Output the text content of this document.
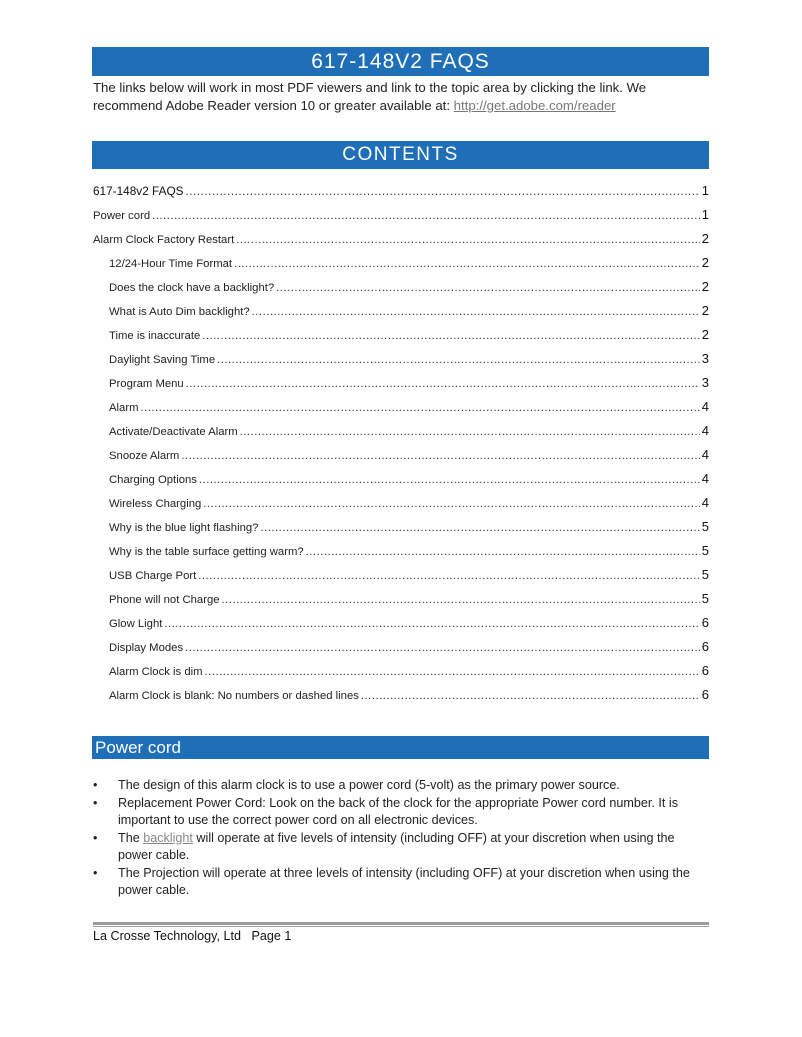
617-148V2 FAQS
The links below will work in most PDF viewers and link to the topic area by clicking the link. We recommend Adobe Reader version 10 or greater available at: http://get.adobe.com/reader
CONTENTS
617-148v2 FAQS .....	1
Power cord .....	1
Alarm Clock Factory Restart .....	2
12/24-Hour Time Format .....	2
Does the clock have a backlight? .....	2
What is Auto Dim backlight? .....	2
Time is inaccurate .....	2
Daylight Saving Time .....	3
Program Menu .....	3
Alarm .....	4
Activate/Deactivate Alarm .....	4
Snooze Alarm .....	4
Charging Options .....	4
Wireless Charging .....	4
Why is the blue light flashing? .....	5
Why is the table surface getting warm? .....	5
USB Charge Port .....	5
Phone will not Charge .....	5
Glow Light .....	6
Display Modes .....	6
Alarm Clock is dim .....	6
Alarm Clock is blank: No numbers or dashed lines .....	6
Power cord
• The design of this alarm clock is to use a power cord (5-volt) as the primary power source.
• Replacement Power Cord: Look on the back of the clock for the appropriate Power cord number. It is important to use the correct power cord on all electronic devices.
• The backlight will operate at five levels of intensity (including OFF) at your discretion when using the power cable.
• The Projection will operate at three levels of intensity (including OFF) at your discretion when using the power cable.
La Crosse Technology, Ltd   Page 1
